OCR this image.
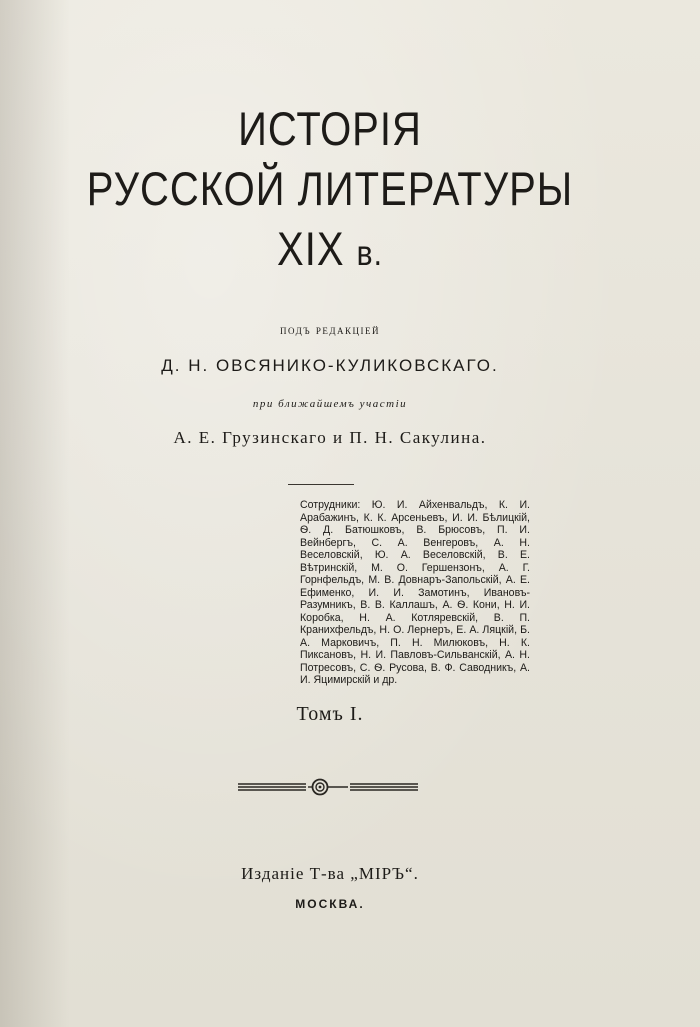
ИСТОРІЯ
РУССКОЙ ЛИТЕРАТУРЫ
XIX в.
подъ редакціей
Д. Н. ОВСЯНИКО-КУЛИКОВСКАГО.
при ближайшемъ участіи
А. Е. Грузинскаго и П. Н. Сакулина.
Сотрудники: Ю. И. Айхенвальдъ, К. И. Арабажинъ, К. К. Арсеньевъ, И. И. Бѣлицкій, Ѳ. Д. Батюшковъ, В. Брюсовъ, П. И. Вейнбергъ, С. А. Венгеровъ, А. Н. Веселовскій, Ю. А. Веселовскій, В. Е. Вѣтринскій, М. О. Гершензонъ, А. Г. Горнфельдъ, М. В. Довнаръ-Запольскій, А. Е. Ефименко, И. И. Замотинъ, Ивановъ-Разумникъ, В. В. Каллашъ, А. Ѳ. Кони, Н. И. Коробка, Н. А. Котляревскій, В. П. Кранихфельдъ, Н. О. Лернеръ, Е. А. Ляцкій, Б. А. Марковичъ, П. Н. Милюковъ, Н. К. Пиксановъ, Н. И. Павловъ-Сильванскій, А. Н. Потресовъ, С. Ѳ. Русова, В. Ф. Саводникъ, А. И. Яцимирскій и др.
Томъ I.
Изданіе Т-ва „МІРЪ“.
МОСКВА.
